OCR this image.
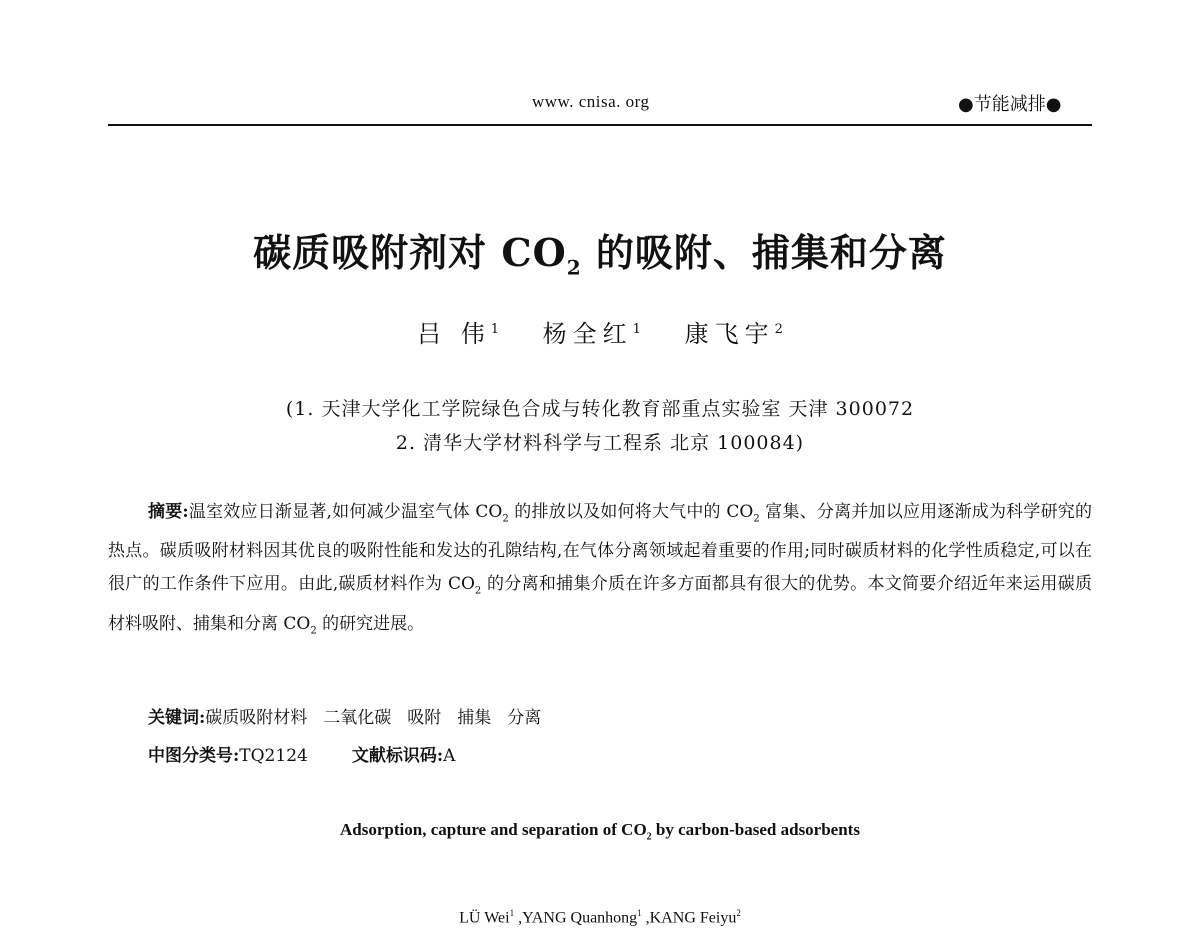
www. cnisa. org	●节能减排●
碳质吸附剂对 $CO_2$ 的吸附、捕集和分离
吕 伟$^1$ 杨全红$^1$ 康飞宇$^2$
(1. 天津大学化工学院绿色合成与转化教育部重点实验室 天津 300072
2. 清华大学材料科学与工程系 北京 100084)
摘要:温室效应日渐显著,如何减少温室气体 $CO_2$ 的排放以及如何将大气中的 $CO_2$ 富集、分离并加以应用逐渐成为科学研究的热点。碳质吸附材料因其优良的吸附性能和发达的孔隙结构,在气体分离领域起着重要的作用;同时碳质材料的化学性质稳定,可以在很广的工作条件下应用。由此,碳质材料作为 $CO_2$ 的分离和捕集介质在许多方面都具有很大的优势。本文简要介绍近年来运用碳质材料吸附、捕集和分离 $CO_2$ 的研究进展。
关键词:碳质吸附材料 二氧化碳 吸附 捕集 分离
中图分类号:TQ2124	文献标识码:A
Adsorption, capture and separation of $CO_2$ by carbon-based adsorbents
LÜ Wei$^1$ ,YANG Quanhong$^1$ ,KANG Feiyu$^2$
